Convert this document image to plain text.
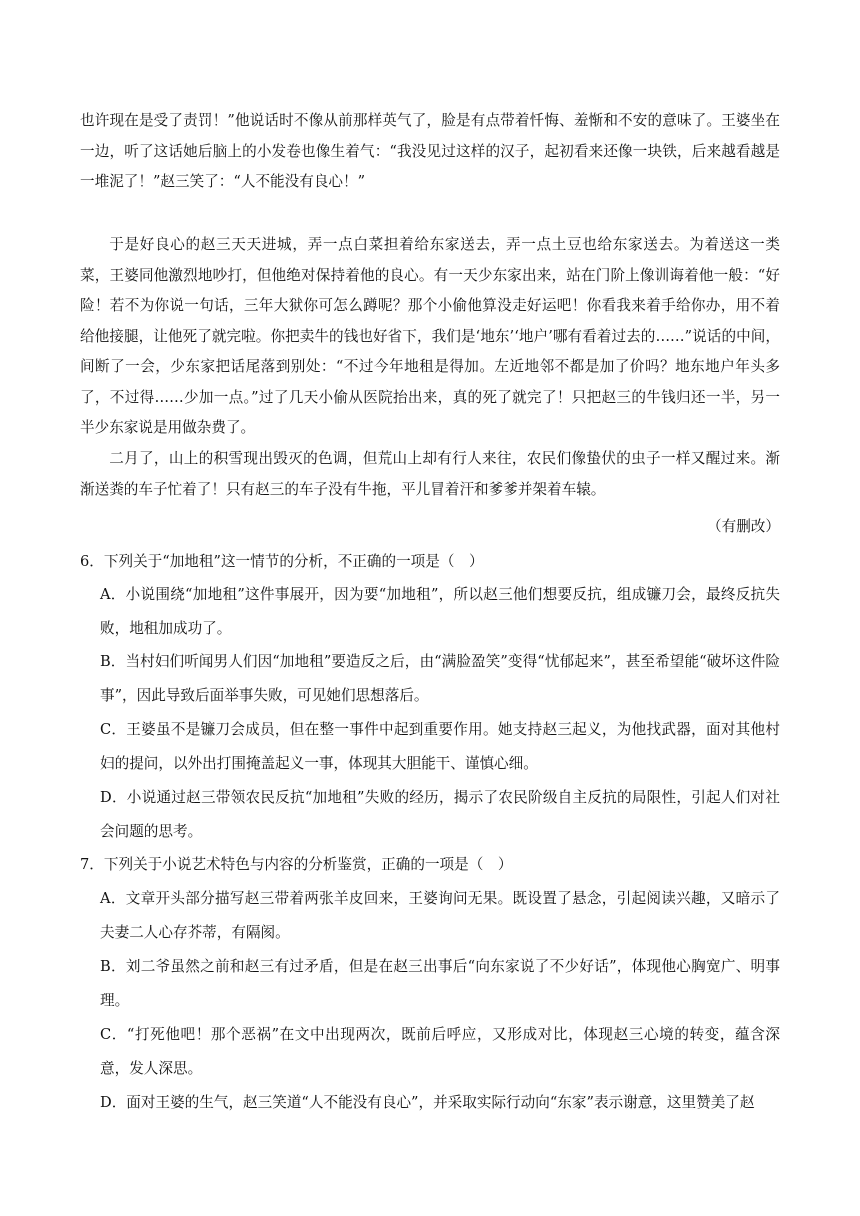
也许现在是受了责罚！”他说话时不像从前那样英气了，脸是有点带着忏悔、羞惭和不安的意味了。王婆坐在一边，听了这话她后脑上的小发卷也像生着气：“我没见过这样的汉子，起初看来还像一块铁，后来越看越是一堆泥了！”赵三笑了：“人不能没有良心！”

于是好良心的赵三天天进城，弄一点白菜担着给东家送去，弄一点土豆也给东家送去。为着送这一类菜，王婆同他激烈地吵打，但他绝对保持着他的良心。有一天少东家出来，站在门阶上像训诲着他一般：“好险！若不为你说一句话，三年大狱你可怎么蹲呢？那个小偷他算没走好运吧！你看我来着手给你办，用不着给他接腿，让他死了就完啦。你把卖牛的钱也好省下，我们是‘地东’‘地户’哪有看着过去的……”说话的中间，间断了一会，少东家把话尾落到别处：“不过今年地租是得加。左近地邻不都是加了价吗？地东地户年头多了，不过得……少加一点。”过了几天小偷从医院抬出来，真的死了就完了！只把赵三的牛钱归还一半，另一半少东家说是用做杂费了。

二月了，山上的积雪现出毁灭的色调，但荒山上却有行人来往，农民们像蛰伏的虫子一样又醒过来。渐渐送粪的车子忙着了！只有赵三的车子没有牛拖，平儿冒着汗和爹爹并架着车辕。

（有删改）

6．下列关于“加地租”这一情节的分析，不正确的一项是（　）

A．小说围绕“加地租”这件事展开，因为要“加地租”，所以赵三他们想要反抗，组成镰刀会，最终反抗失败，地租加成功了。

B．当村妇们听闻男人们因“加地租”要造反之后，由“满脸盈笑”变得“忧郁起来”，甚至希望能“破坏这件险事”，因此导致后面举事失败，可见她们思想落后。

C．王婆虽不是镰刀会成员，但在整一事件中起到重要作用。她支持赵三起义，为他找武器，面对其他村妇的提问，以外出打围掩盖起义一事，体现其大胆能干、谨慎心细。

D．小说通过赵三带领农民反抗“加地租”失败的经历，揭示了农民阶级自主反抗的局限性，引起人们对社会问题的思考。

7．下列关于小说艺术特色与内容的分析鉴赏，正确的一项是（　）

A．文章开头部分描写赵三带着两张羊皮回来，王婆询问无果。既设置了悬念，引起阅读兴趣，又暗示了夫妻二人心存芥蒂，有隔阂。

B．刘二爷虽然之前和赵三有过矛盾，但是在赵三出事后“向东家说了不少好话”，体现他心胸宽广、明事理。

C．“打死他吧！那个恶祸”在文中出现两次，既前后呼应，又形成对比，体现赵三心境的转变，蕴含深意，发人深思。

D．面对王婆的生气，赵三笑道“人不能没有良心”，并采取实际行动向“东家”表示谢意，这里赞美了赵
